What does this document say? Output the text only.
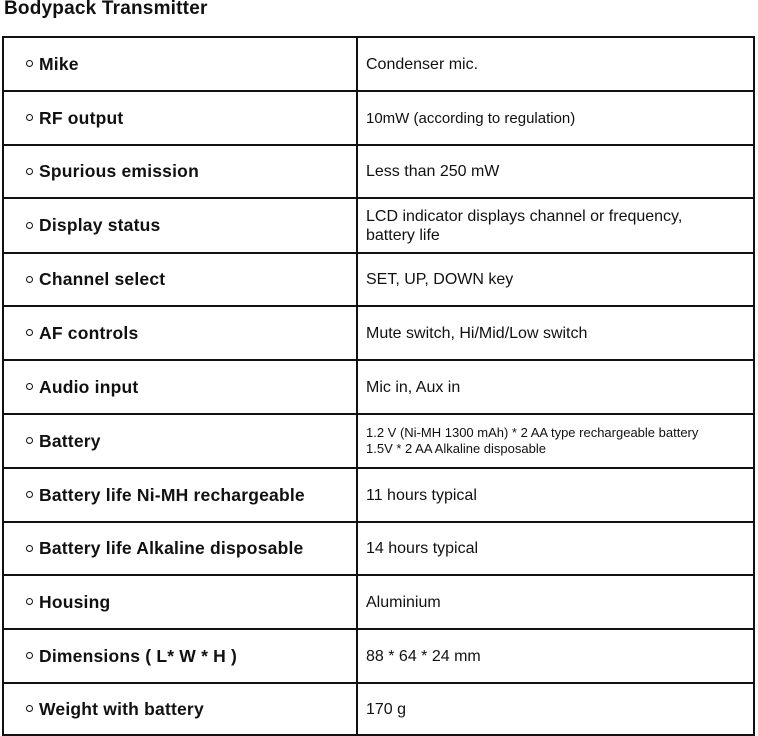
Bodypack Transmitter
Mike	Condenser mic.

RF output	10mW (according to regulation)

Spurious emission	Less than 250 mW

Display status	LCD indicator displays channel or frequency,
battery life

Channel select	SET, UP, DOWN key

AF controls	Mute switch, Hi/Mid/Low switch

Audio input	Mic in, Aux in

Battery	1.2 V (Ni-MH 1300 mAh) * 2 AA type rechargeable battery
1.5V * 2 AA Alkaline disposable

Battery life Ni-MH rechargeable	11 hours typical

Battery life Alkaline disposable	14 hours typical

Housing	Aluminium

Dimensions ( L* W * H )	88 * 64 * 24 mm

Weight with battery	170 g
